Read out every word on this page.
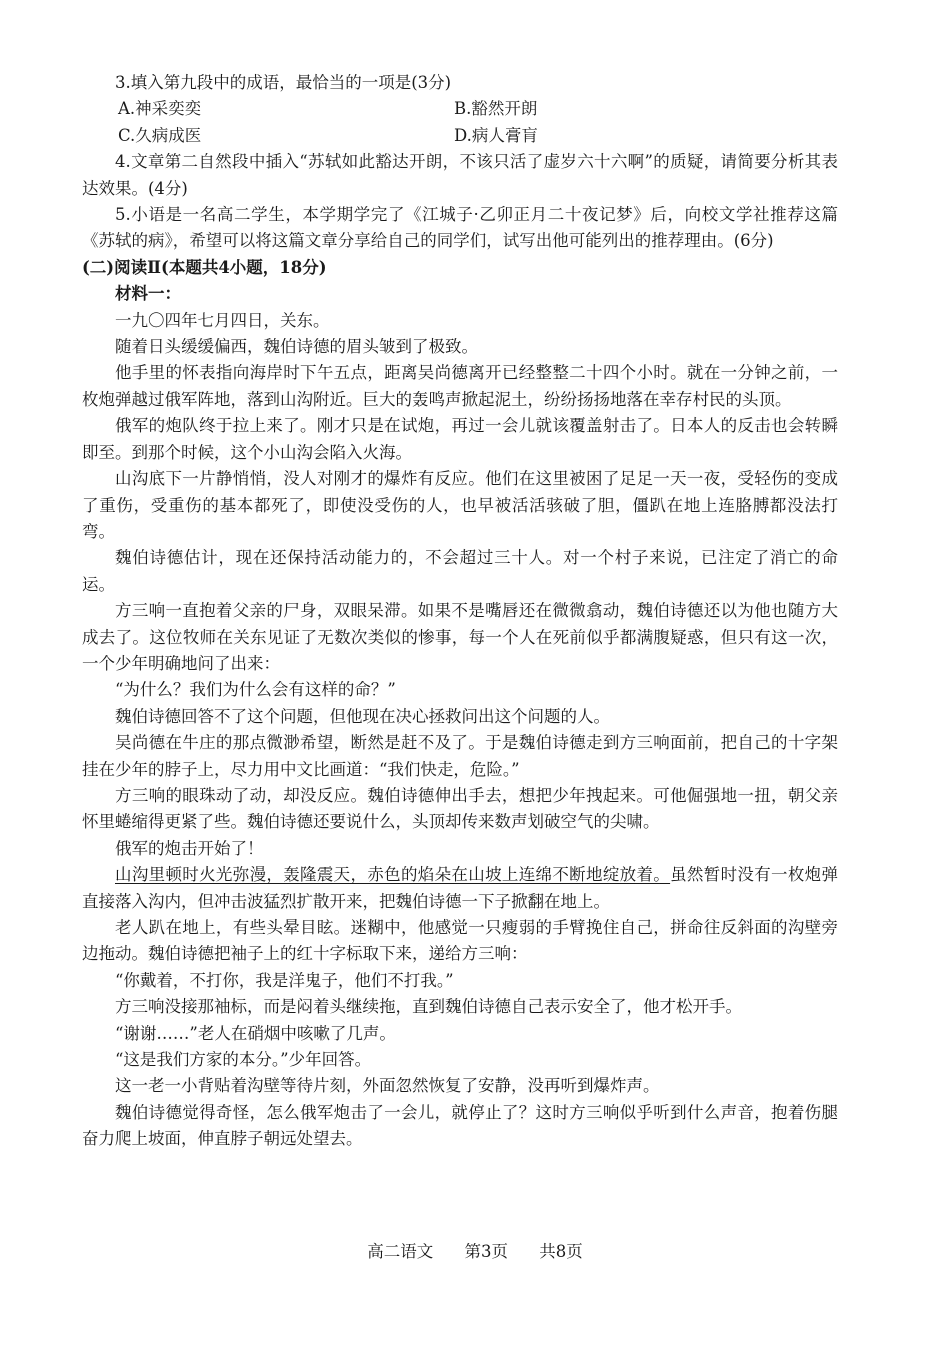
3.填入第九段中的成语，最恰当的一项是(3分)

A.神采奕奕	B.豁然开朗
C.久病成医	D.病人膏肓

4.文章第二自然段中插入“苏轼如此豁达开朗，不该只活了虚岁六十六啊”的质疑，请简要分析其表达效果。(4分)

5.小语是一名高二学生，本学期学完了《江城子·乙卯正月二十夜记梦》后，向校文学社推荐这篇《苏轼的病》，希望可以将这篇文章分享给自己的同学们，试写出他可能列出的推荐理由。(6分)

(二)阅读Ⅱ(本题共4小题，18分)

材料一：

一九〇四年七月四日，关东。

随着日头缓缓偏西，魏伯诗德的眉头皱到了极致。

他手里的怀表指向海岸时下午五点，距离吴尚德离开已经整整二十四个小时。就在一分钟之前，一枚炮弹越过俄军阵地，落到山沟附近。巨大的轰鸣声掀起泥土，纷纷扬扬地落在幸存村民的头顶。

俄军的炮队终于拉上来了。刚才只是在试炮，再过一会儿就该覆盖射击了。日本人的反击也会转瞬即至。到那个时候，这个小山沟会陷入火海。

山沟底下一片静悄悄，没人对刚才的爆炸有反应。他们在这里被困了足足一天一夜，受轻伤的变成了重伤，受重伤的基本都死了，即使没受伤的人，也早被活活骇破了胆，僵趴在地上连胳膊都没法打弯。

魏伯诗德估计，现在还保持活动能力的，不会超过三十人。对一个村子来说，已注定了消亡的命运。

方三响一直抱着父亲的尸身，双眼呆滞。如果不是嘴唇还在微微翕动，魏伯诗德还以为他也随方大成去了。这位牧师在关东见证了无数次类似的惨事，每一个人在死前似乎都满腹疑惑，但只有这一次，一个少年明确地问了出来：

“为什么？我们为什么会有这样的命？”

魏伯诗德回答不了这个问题，但他现在决心拯救问出这个问题的人。

吴尚德在牛庄的那点微渺希望，断然是赶不及了。于是魏伯诗德走到方三响面前，把自己的十字架挂在少年的脖子上，尽力用中文比画道：“我们快走，危险。”

方三响的眼珠动了动，却没反应。魏伯诗德伸出手去，想把少年拽起来。可他倔强地一扭，朝父亲怀里蜷缩得更紧了些。魏伯诗德还要说什么，头顶却传来数声划破空气的尖啸。

俄军的炮击开始了！

山沟里顿时火光弥漫，轰隆震天，赤色的焰朵在山坡上连绵不断地绽放着。虽然暂时没有一枚炮弹直接落入沟内，但冲击波猛烈扩散开来，把魏伯诗德一下子掀翻在地上。

老人趴在地上，有些头晕目眩。迷糊中，他感觉一只瘦弱的手臂挽住自己，拼命往反斜面的沟壁旁边拖动。魏伯诗德把袖子上的红十字标取下来，递给方三响：

“你戴着，不打你，我是洋鬼子，他们不打我。”

方三响没接那袖标，而是闷着头继续拖，直到魏伯诗德自己表示安全了，他才松开手。

“谢谢……”老人在硝烟中咳嗽了几声。

“这是我们方家的本分。”少年回答。

这一老一小背贴着沟壁等待片刻，外面忽然恢复了安静，没再听到爆炸声。

魏伯诗德觉得奇怪，怎么俄军炮击了一会儿，就停止了？这时方三响似乎听到什么声音，抱着伤腿奋力爬上坡面，伸直脖子朝远处望去。

高二语文 第3页 共8页
